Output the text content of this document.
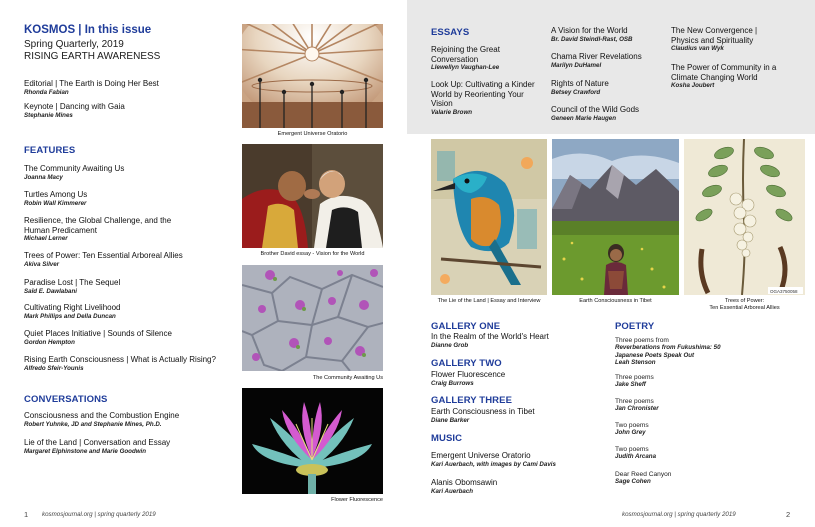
KOSMOS | In this issue
Spring Quarterly, 2019
RISING EARTH AWARENESS
Editorial | The Earth is Doing Her Best
Rhonda Fabian
Keynote | Dancing with Gaia
Stephanie Mines
FEATURES
The Community Awaiting Us
Joanna Macy
Turtles Among Us
Robin Wall Kimmerer
Resilience, the Global Challenge, and the
Human Predicament
Michael Lerner
Trees of Power: Ten Essential Arboreal Allies
Akiva Silver
Paradise Lost | The Sequel
Saïd E. Dawlabani
Cultivating Right Livelihood
Mark Phillips and Della Duncan
Quiet Places Initiative | Sounds of Silence
Gordon Hempton
Rising Earth Consciousness | What is Actually Rising?
Alfredo Sfeir-Younis
CONVERSATIONS
Consciousness and the Combustion Engine
Robert Yuhnke, JD and Stephanie Mines, Ph.D.
Lie of the Land | Conversation and Essay
Margaret Elphinstone and Marie Goodwin
Emergent Universe Oratorio
Brother David essay - Vision for the World
The Community Awaiting Us
Flower Fluorescence
1 kosmosjournal.org | spring quarterly 2019
ESSAYS
Rejoining the Great
Conversation
Llewellyn Vaughan-Lee
Look Up: Cultivating a Kinder
World by Reorienting Your
Vision
Valarie Brown
A Vision for the World
Br. David Steindl-Rast, OSB
Chama River Revelations
Marilyn DuHamel
Rights of Nature
Betsey Crawford
Council of the Wild Gods
Geneen Marie Haugen
The New Convergence |
Physics and Spirituality
Claudius van Wyk
The Power of Community in a
Climate Changing World
Kosha Joubert
The Lie of the Land | Essay and Interview	Earth Consciousness in Tibet
OGA3750058
Trees of Power:
Ten Essential Arboreal Allies
GALLERY ONE
In the Realm of the World's Heart
Dianne Grob
GALLERY TWO
Flower Fluorescence
Craig Burrows
GALLERY THREE
Earth Consciousness in Tibet
Diane Barker
MUSIC
Emergent Universe Oratorio
Kari Auerbach, with images by Cami Davis
Alanis Obomsawin
Kari Auerbach
POETRY
Three poems from
Reverberations from Fukushima: 50
Japanese Poets Speak Out
Leah Stenson
Three poems
Jake Sheff
Three poems
Jan Chronister
Two poems
John Grey
Two poems
Judith Arcana
Dear Reed Canyon
Sage Cohen
kosmosjournal.org | spring quarterly 2019	2
